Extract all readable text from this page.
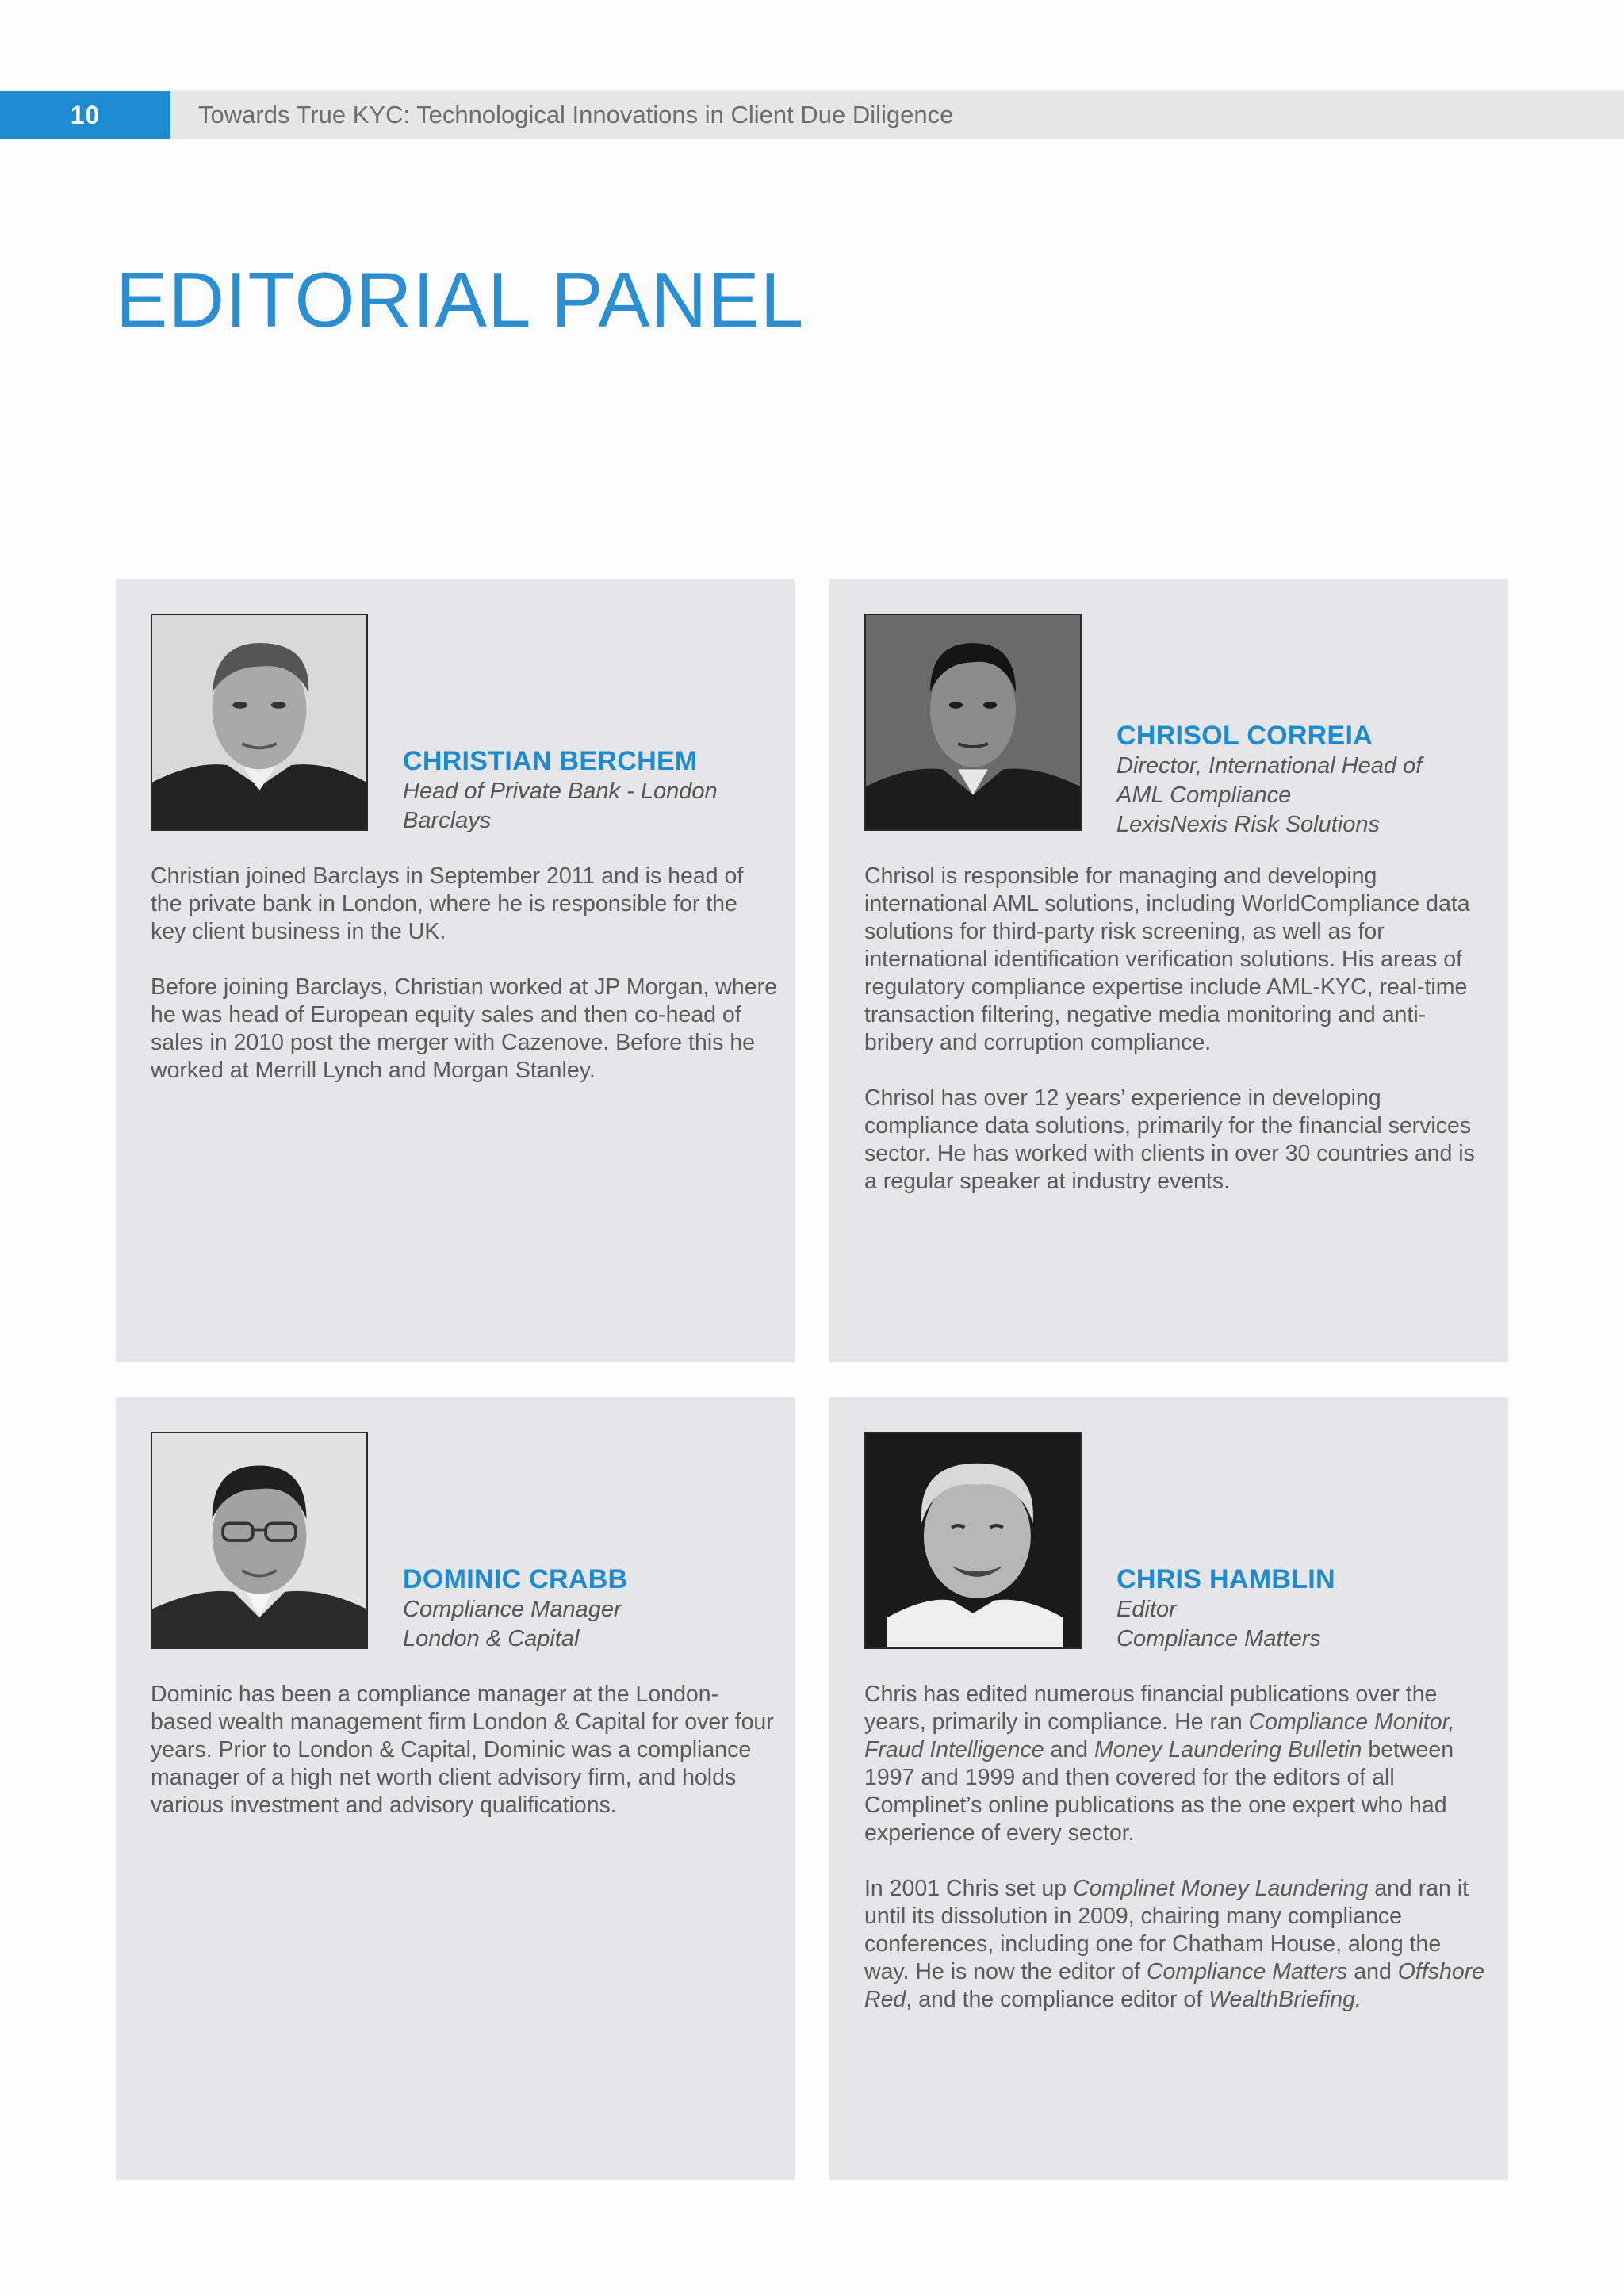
10	Towards True KYC: Technological Innovations in Client Due Diligence
EDITORIAL PANEL
CHRISTIAN BERCHEM
Head of Private Bank - London
Barclays

Christian joined Barclays in September 2011 and is head of the private bank in London, where he is responsible for the key client business in the UK.

Before joining Barclays, Christian worked at JP Morgan, where he was head of European equity sales and then co-head of sales in 2010 post the merger with Cazenove. Before this he worked at Merrill Lynch and Morgan Stanley.

CHRISOL CORREIA
Director, International Head of
AML Compliance
LexisNexis Risk Solutions

Chrisol is responsible for managing and developing international AML solutions, including WorldCompliance data solutions for third-party risk screening, as well as for international identification verification solutions. His areas of regulatory compliance expertise include AML-KYC, real-time transaction filtering, negative media monitoring and anti-bribery and corruption compliance.

Chrisol has over 12 years’ experience in developing compliance data solutions, primarily for the financial services sector. He has worked with clients in over 30 countries and is a regular speaker at industry events.

DOMINIC CRABB
Compliance Manager
London & Capital

Dominic has been a compliance manager at the London-based wealth management firm London & Capital for over four years. Prior to London & Capital, Dominic was a compliance manager of a high net worth client advisory firm, and holds various investment and advisory qualifications.

CHRIS HAMBLIN
Editor
Compliance Matters

Chris has edited numerous financial publications over the years, primarily in compliance. He ran Compliance Monitor, Fraud Intelligence and Money Laundering Bulletin between 1997 and 1999 and then covered for the editors of all Complinet’s online publications as the one expert who had experience of every sector.

In 2001 Chris set up Complinet Money Laundering and ran it until its dissolution in 2009, chairing many compliance conferences, including one for Chatham House, along the way. He is now the editor of Compliance Matters and Offshore Red, and the compliance editor of WealthBriefing.
